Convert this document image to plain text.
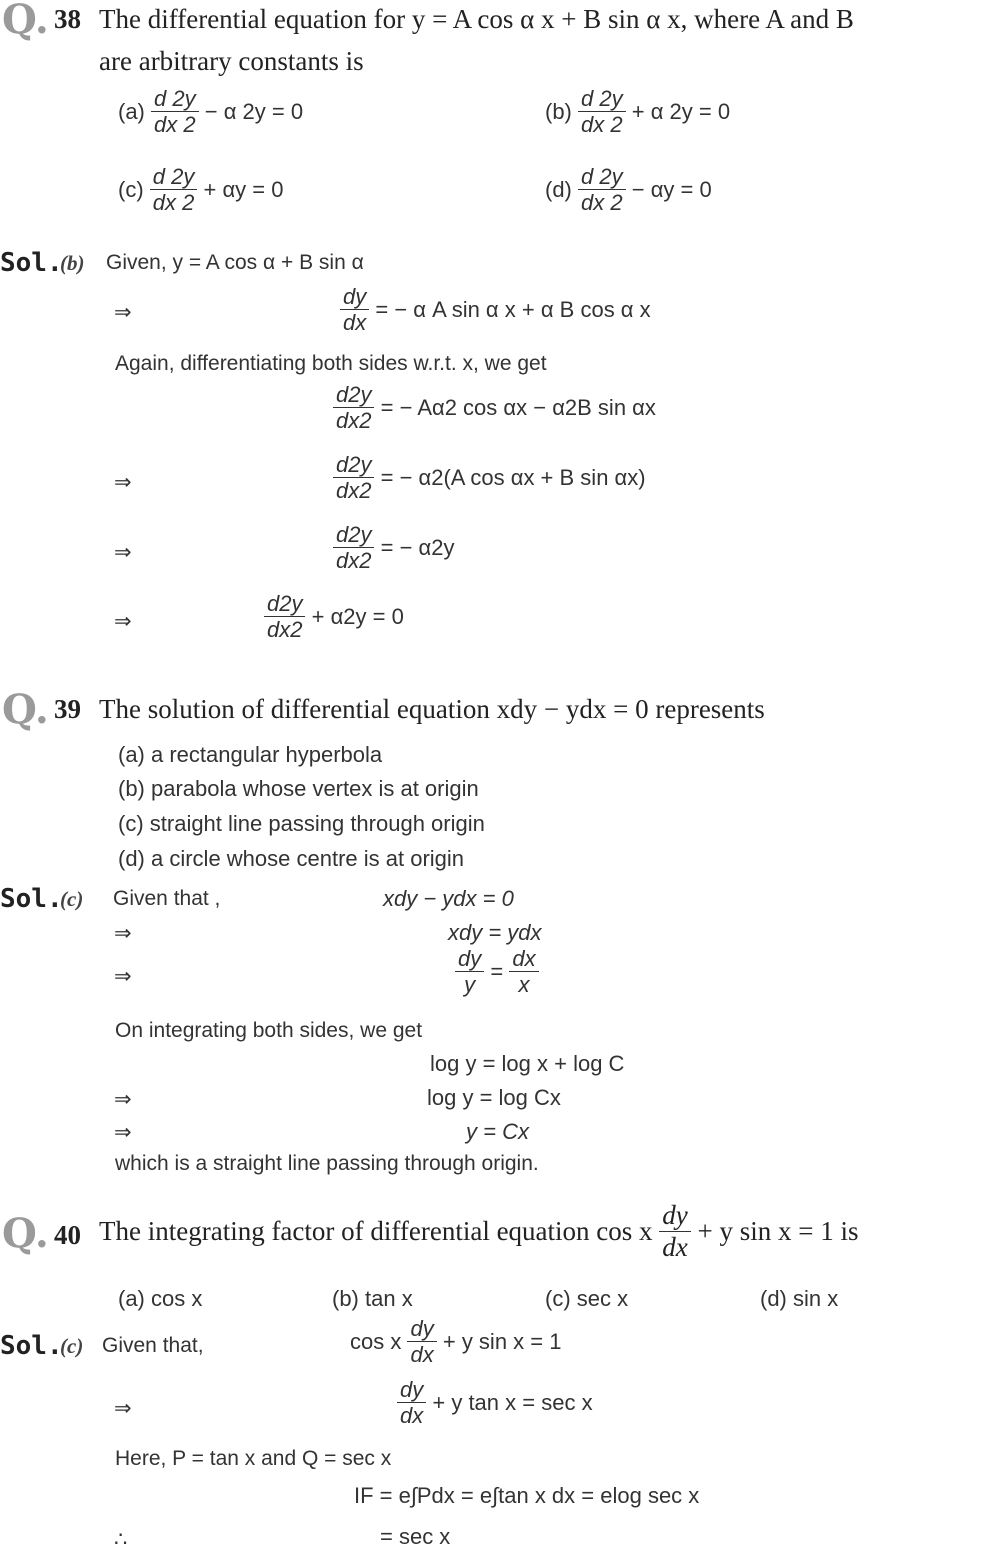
Q. 38 The differential equation for y = A cos α x + B sin α x, where A and B
are arbitrary constants is
$(a) \frac{d 2y}{dx 2} - \alpha$ 2y = 0	$(b) \frac{d 2y}{dx 2} + \alpha$ 2y = 0
$(c) \frac{d 2y}{dx 2} + \alpha y = 0$	$(d) \frac{d 2y}{dx 2} - \alpha y = 0$
Sol.
(b) Given, y = A cos α + B sin α
⇒	$\frac{dy}{dx}$ = − α A sin α x + α B cos α x
Again, differentiating both sides w.r.t. x, we get
$\frac{d2y}{dx2}$ = − Aα2 cos αx − α2B sin αx
⇒	$\frac{d2y}{dx2}$ = − α2(A cos αx + B sin αx)
⇒	$\frac{d2y}{dx2}$ = − α2y
⇒	$\frac{d2y}{dx2} + \alpha 2y = 0$
Q. 39 The solution of differential equation xdy − ydx = 0 represents
(a) a rectangular hyperbola
(b) parabola whose vertex is at origin
(c) straight line passing through origin
(d) a circle whose centre is at origin
Sol.
(c) Given that ,	xdy − ydx = 0
⇒	xdy = ydx
⇒	$\frac{dy}{y} = \frac{dx}{x}$
On integrating both sides, we get
log y = log x + log C
⇒	log y = log Cx
⇒	y = Cx
which is a straight line passing through origin.
Q. 40 The integrating factor of differential equation cos x $\frac{dy}{dx} + y$ sin x = 1 is
(a) cos x	(b) tan x	(c) sec x	(d) sin x
Sol.
(c) Given that,	cos x $\frac{dy}{dx} + y$ sin x = 1
⇒	$\frac{dy}{dx} + y$ tan x = sec x
Here, P = tan x and Q = sec x
IF = e∫Pdx = e∫tan x dx = elog sec x
∴	= sec x
